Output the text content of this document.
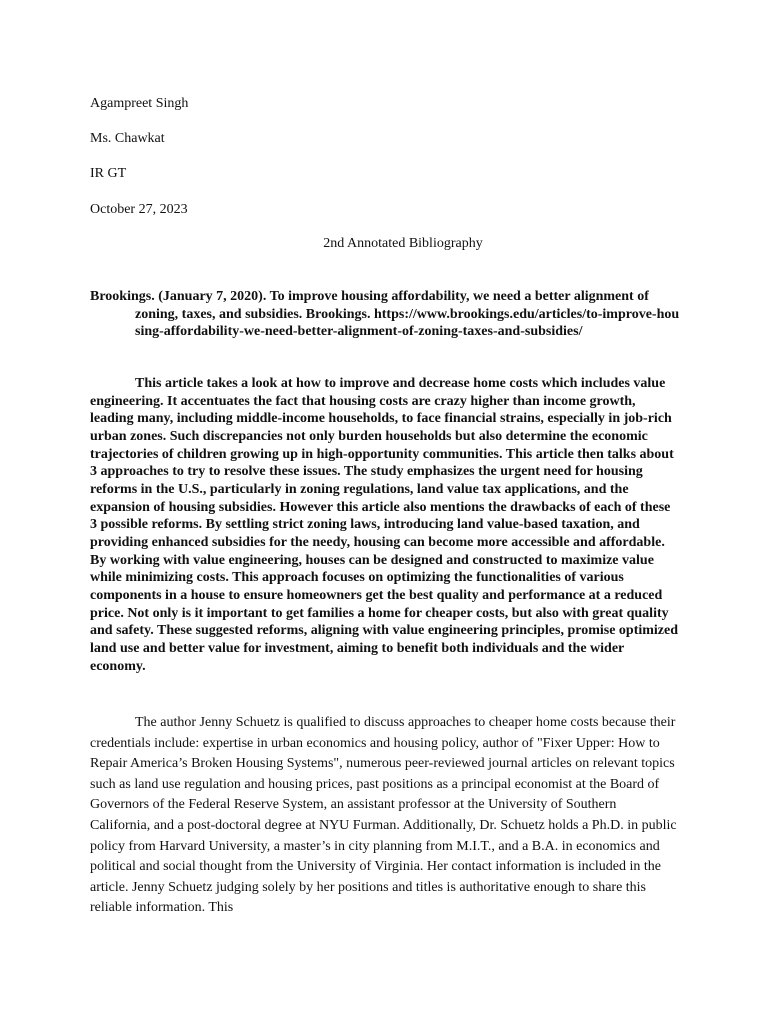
Agampreet Singh
Ms. Chawkat
IR GT
October 27, 2023
2nd Annotated Bibliography
Brookings. (January 7, 2020). To improve housing affordability, we need a better alignment of zoning, taxes, and subsidies. Brookings. https://www.brookings.edu/articles/to-improve-housing-affordability-we-need-better-alignment-of-zoning-taxes-and-subsidies/

This article takes a look at how to improve and decrease home costs which includes value engineering. It accentuates the fact that housing costs are crazy higher than income growth, leading many, including middle-income households, to face financial strains, especially in job-rich urban zones. Such discrepancies not only burden households but also determine the economic trajectories of children growing up in high-opportunity communities. This article then talks about 3 approaches to try to resolve these issues. The study emphasizes the urgent need for housing reforms in the U.S., particularly in zoning regulations, land value tax applications, and the expansion of housing subsidies. However this article also mentions the drawbacks of each of these 3 possible reforms. By settling strict zoning laws, introducing land value-based taxation, and providing enhanced subsidies for the needy, housing can become more accessible and affordable. By working with value engineering, houses can be designed and constructed to maximize value while minimizing costs. This approach focuses on optimizing the functionalities of various components in a house to ensure homeowners get the best quality and performance at a reduced price. Not only is it important to get families a home for cheaper costs, but also with great quality and safety. These suggested reforms, aligning with value engineering principles, promise optimized land use and better value for investment, aiming to benefit both individuals and the wider economy.

The author Jenny Schuetz is qualified to discuss approaches to cheaper home costs because their credentials include: expertise in urban economics and housing policy, author of "Fixer Upper: How to Repair America’s Broken Housing Systems", numerous peer-reviewed journal articles on relevant topics such as land use regulation and housing prices, past positions as a principal economist at the Board of Governors of the Federal Reserve System, an assistant professor at the University of Southern California, and a post-doctoral degree at NYU Furman. Additionally, Dr. Schuetz holds a Ph.D. in public policy from Harvard University, a master’s in city planning from M.I.T., and a B.A. in economics and political and social thought from the University of Virginia. Her contact information is included in the article. Jenny Schuetz judging solely by her positions and titles is authoritative enough to share this reliable information. This
